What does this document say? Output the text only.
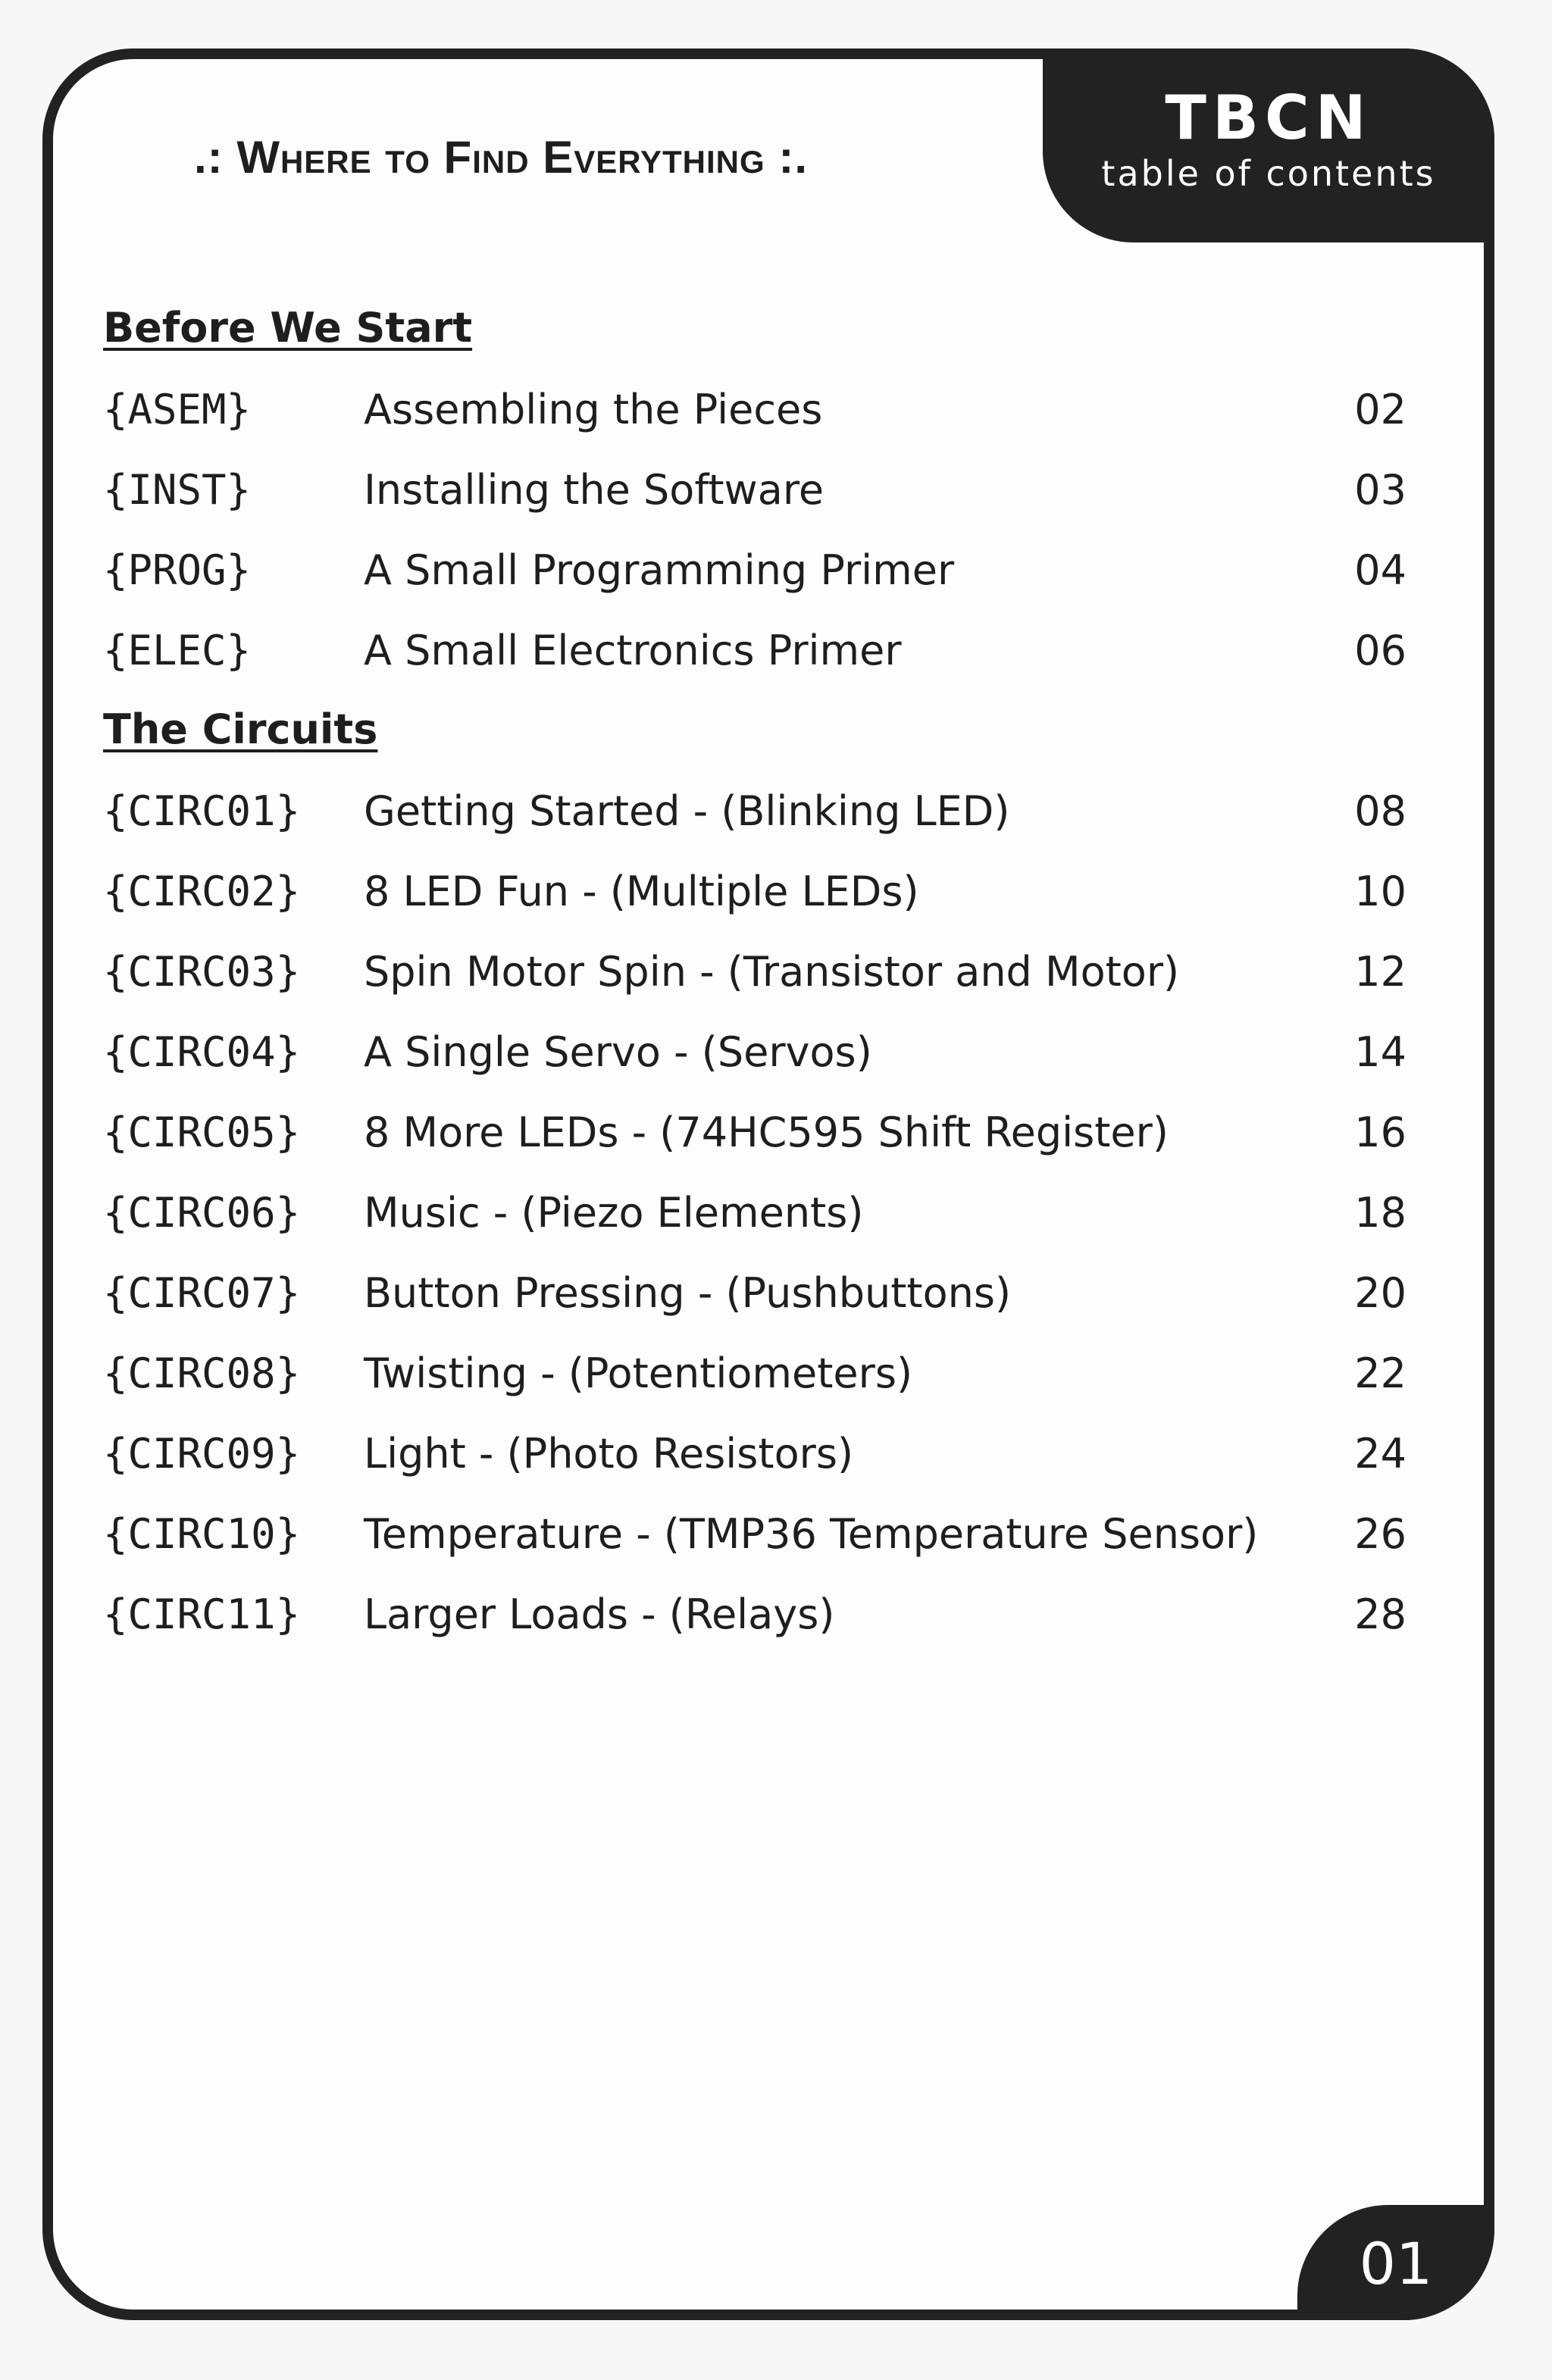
TBCN
table of contents
.: Where to Find Everything :.
Before We Start
{ASEM}	Assembling the Pieces	02
{INST}	Installing the Software	03
{PROG}	A Small Programming Primer	04
{ELEC}	A Small Electronics Primer	06
The Circuits
{CIRC01} Getting Started - (Blinking LED)	08
{CIRC02} 8 LED Fun - (Multiple LEDs)	10
{CIRC03} Spin Motor Spin - (Transistor and Motor)	12
{CIRC04} A Single Servo - (Servos)	14
{CIRC05} 8 More LEDs - (74HC595 Shift Register)	16
{CIRC06} Music - (Piezo Elements)	18
{CIRC07} Button Pressing - (Pushbuttons)	20
{CIRC08} Twisting - (Potentiometers)	22
{CIRC09} Light - (Photo Resistors)	24
{CIRC10} Temperature - (TMP36 Temperature Sensor) 26
{CIRC11} Larger Loads - (Relays)	28
01
